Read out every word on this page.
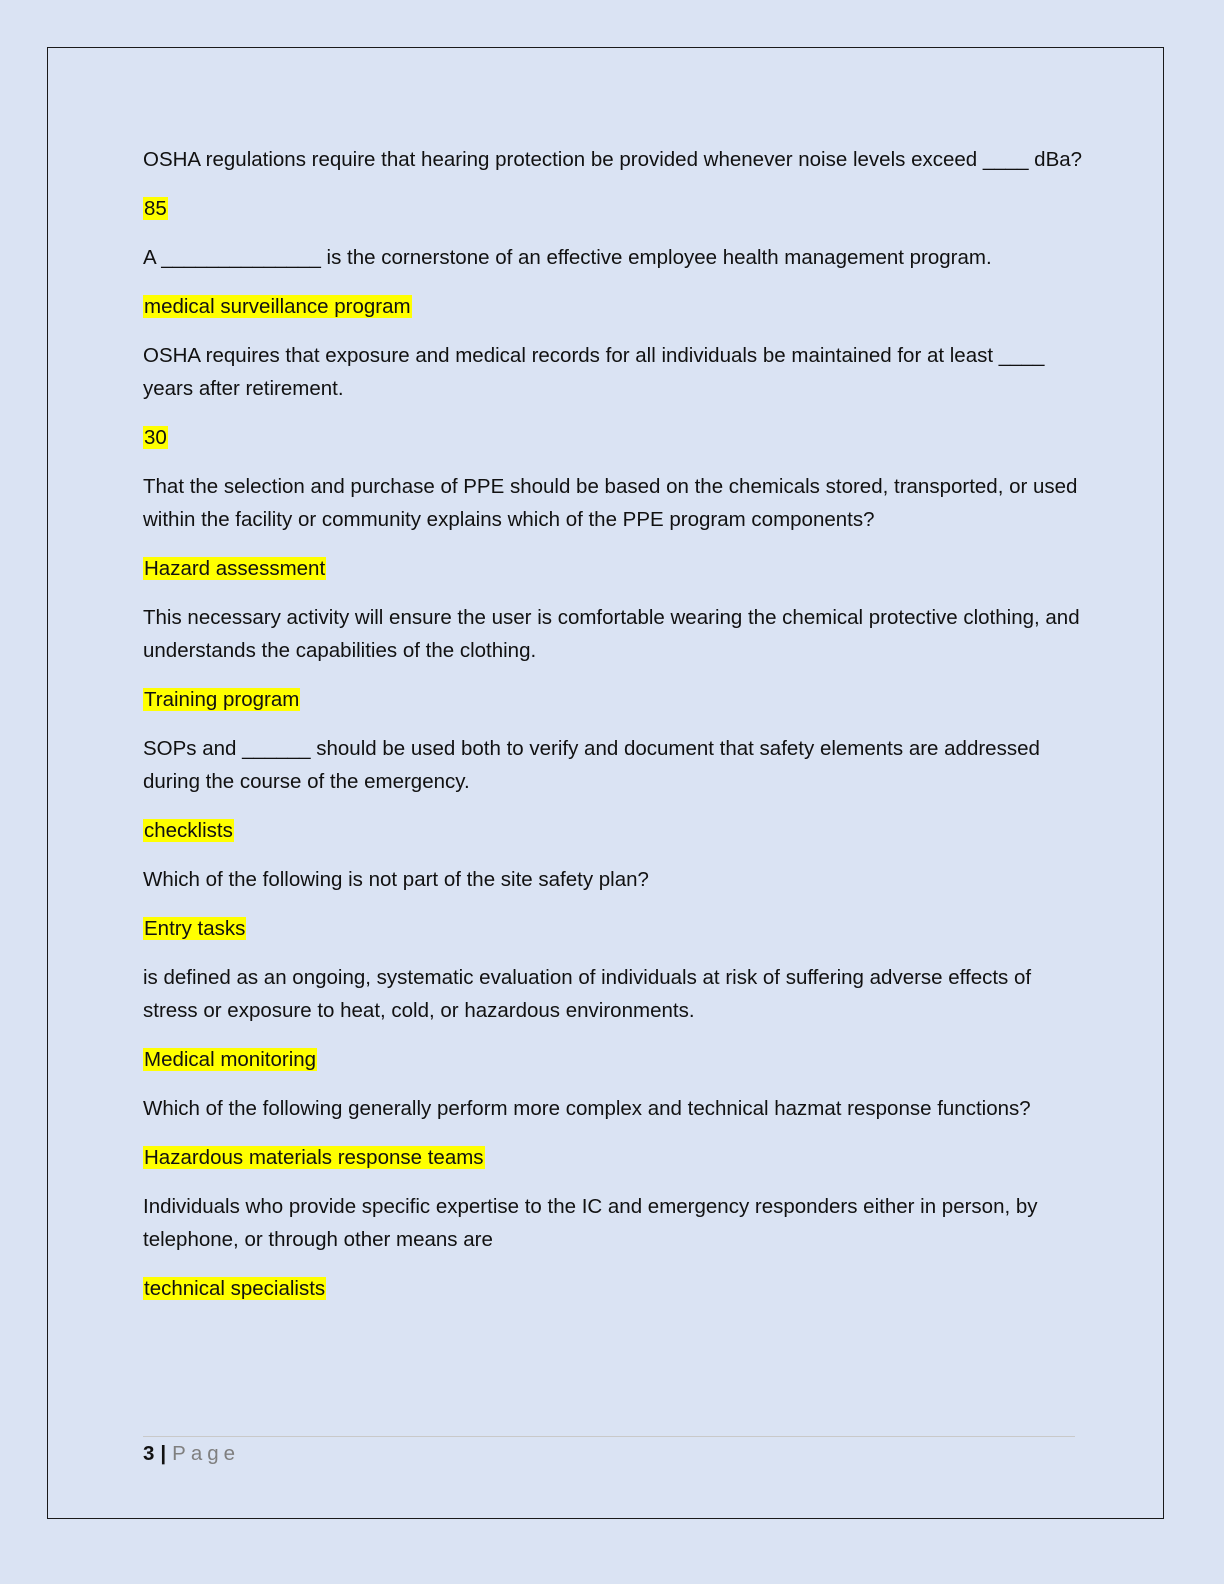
OSHA regulations require that hearing protection be provided whenever noise levels exceed ____ dBa?

85

A ______________ is the cornerstone of an effective employee health management program.

medical surveillance program

OSHA requires that exposure and medical records for all individuals be maintained for at least ____ years after retirement.

30

That the selection and purchase of PPE should be based on the chemicals stored, transported, or used within the facility or community explains which of the PPE program components?

Hazard assessment

This necessary activity will ensure the user is comfortable wearing the chemical protective clothing, and understands the capabilities of the clothing.

Training program

SOPs and ______ should be used both to verify and document that safety elements are addressed during the course of the emergency.

checklists

Which of the following is not part of the site safety plan?

Entry tasks

is defined as an ongoing, systematic evaluation of individuals at risk of suffering adverse effects of stress or exposure to heat, cold, or hazardous environments.

Medical monitoring

Which of the following generally perform more complex and technical hazmat response functions?

Hazardous materials response teams

Individuals who provide specific expertise to the IC and emergency responders either in person, by telephone, or through other means are

technical specialists

3 | Page
